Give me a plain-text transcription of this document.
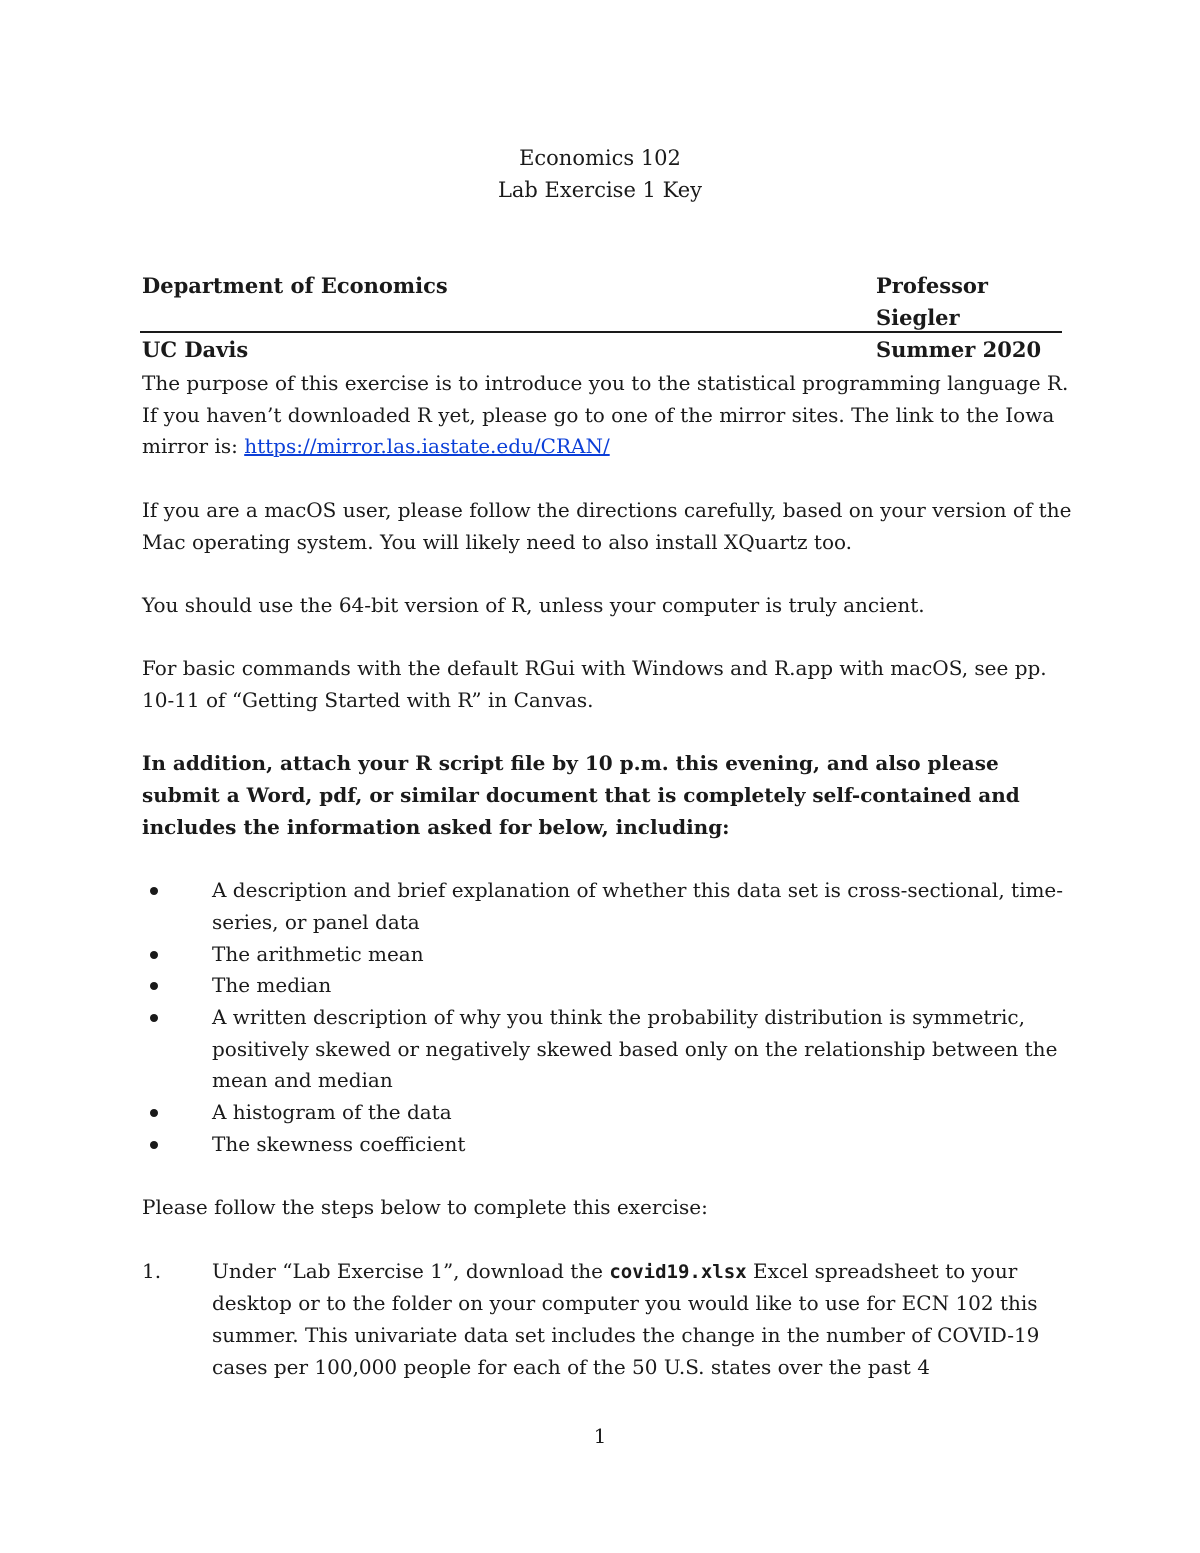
Economics 102
Lab Exercise 1 Key
Department of Economics	Professor Siegler
UC Davis	Summer 2020

The purpose of this exercise is to introduce you to the statistical programming language R. If you haven’t downloaded R yet, please go to one of the mirror sites. The link to the Iowa mirror is: https://mirror.las.iastate.edu/CRAN/

If you are a macOS user, please follow the directions carefully, based on your version of the Mac operating system. You will likely need to also install XQuartz too.

You should use the 64-bit version of R, unless your computer is truly ancient.

For basic commands with the default RGui with Windows and R.app with macOS, see pp. 10-11 of “Getting Started with R” in Canvas.

In addition, attach your R script file by 10 p.m. this evening, and also please submit a Word, pdf, or similar document that is completely self-contained and includes the information asked for below, including:

A description and brief explanation of whether this data set is cross-sectional, time-series, or panel data
The arithmetic mean
The median
A written description of why you think the probability distribution is symmetric, positively skewed or negatively skewed based only on the relationship between the mean and median
A histogram of the data
The skewness coefficient

Please follow the steps below to complete this exercise:

1.	Under “Lab Exercise 1”, download the covid19.xlsx Excel spreadsheet to your desktop or to the folder on your computer you would like to use for ECN 102 this summer. This univariate data set includes the change in the number of COVID-19 cases per 100,000 people for each of the 50 U.S. states over the past 4
1
